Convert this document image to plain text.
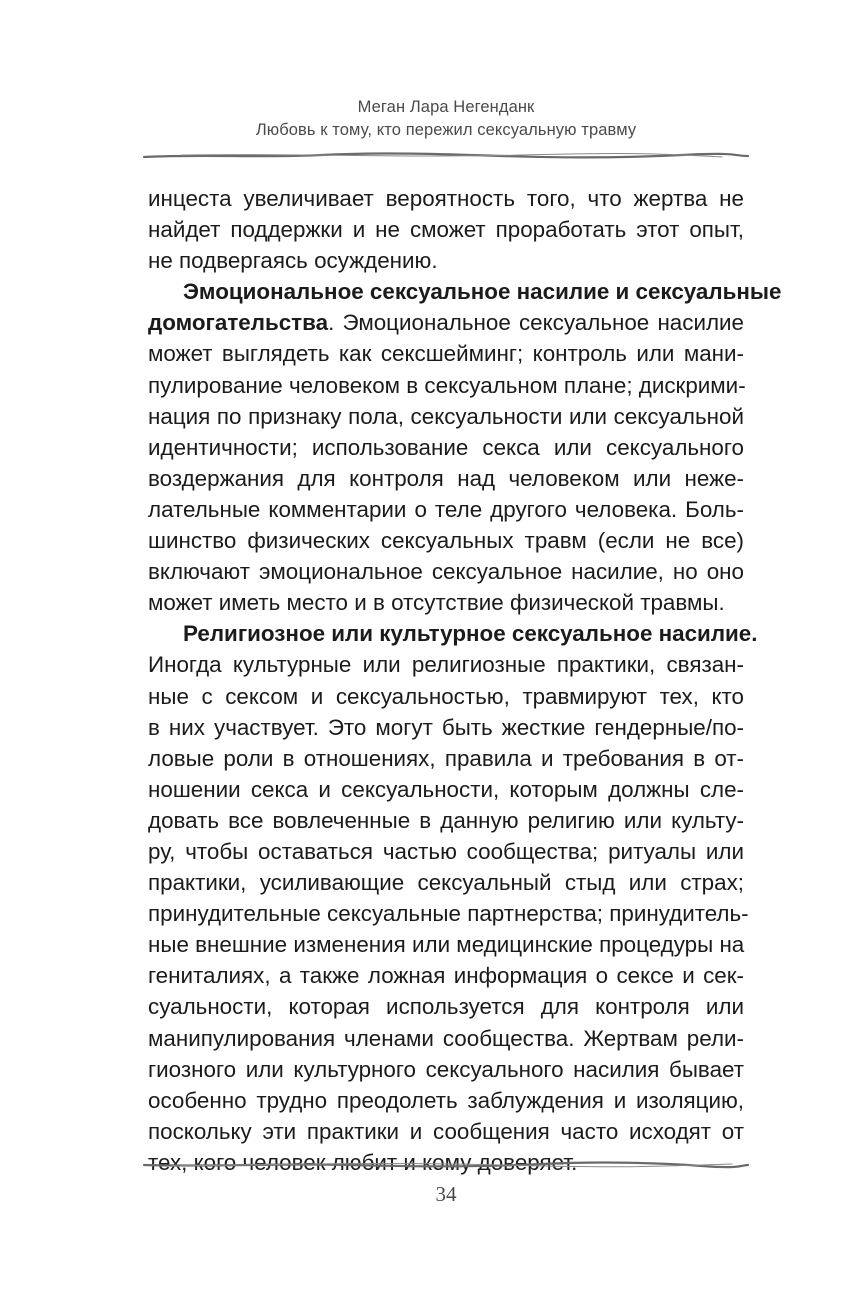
Меган Лара Негенданк
Любовь к тому, кто пережил сексуальную травму
инцеста увеличивает вероятность того, что жертва не
найдет поддержки и не сможет проработать этот опыт,
не подвергаясь осуждению.
Эмоциональное сексуальное насилие и сексуальные
домогательства. Эмоциональное сексуальное насилие
может выглядеть как сексшейминг; контроль или мани-
пулирование человеком в сексуальном плане; дискрими-
нация по признаку пола, сексуальности или сексуальной
идентичности; использование секса или сексуального
воздержания для контроля над человеком или неже-
лательные комментарии о теле другого человека. Боль-
шинство физических сексуальных травм (если не все)
включают эмоциональное сексуальное насилие, но оно
может иметь место и в отсутствие физической травмы.
Религиозное или культурное сексуальное насилие.
Иногда культурные или религиозные практики, связан-
ные с сексом и сексуальностью, травмируют тех, кто
в них участвует. Это могут быть жесткие гендерные/по-
ловые роли в отношениях, правила и требования в от-
ношении секса и сексуальности, которым должны сле-
довать все вовлеченные в данную религию или культу-
ру, чтобы оставаться частью сообщества; ритуалы или
практики, усиливающие сексуальный стыд или страх;
принудительные сексуальные партнерства; принудитель-
ные внешние изменения или медицинские процедуры на
гениталиях, а также ложная информация о сексе и сек-
суальности, которая используется для контроля или
манипулирования членами сообщества. Жертвам рели-
гиозного или культурного сексуального насилия бывает
особенно трудно преодолеть заблуждения и изоляцию,
поскольку эти практики и сообщения часто исходят от
тех, кого человек любит и кому доверяет.
34
